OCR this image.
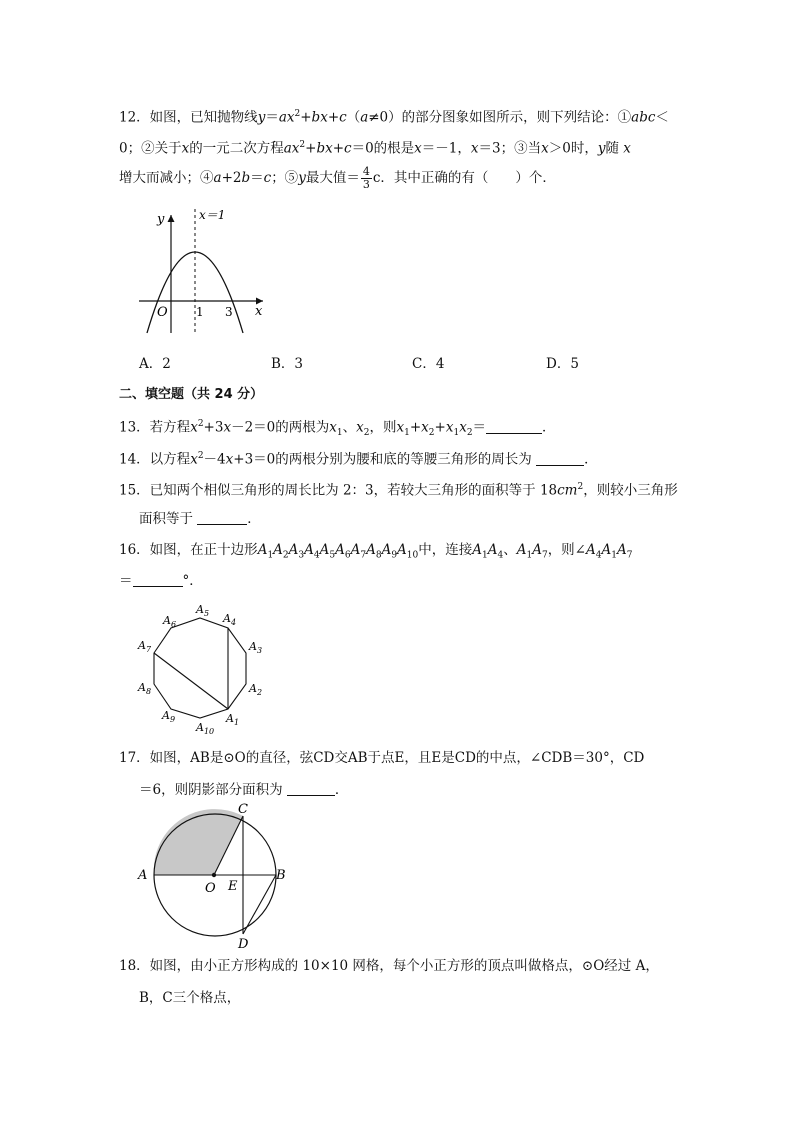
12．如图，已知抛物线$y=ax^2+bx+c(a\ne 0)$的部分图象如图所示，则下列结论：①abc＜
0；②关于x的一元二次方程$ax^2+bx+c=0$的根是x＝－1，x＝3；③当x＞0时，y随 x
增大而减小；④a+2b＝c；⑤y最大值＝ $\frac{4}{3}$ c．其中正确的有（　　）个．
y	x＝1
O 1 3 x
A．2	B．3	C．4	D．5
二、填空题（共 24 分）
13．若方程$x^2+3x-2=0$的两根为$x_1$、$x_2$，则$x_1+x_2+x_1x_2=$	．
14．以方程$x^2-4x+3=0$的两根分别为腰和底的等腰三角形的周长为	．
15．已知两个相似三角形的周长比为 2：3，若较大三角形的面积等于 $18cm^2$，则较小三角形
面积等于	．
16．如图，在正十边形$A_1A_2A_3A_4A_5A_6A_7A_8A_9A_{10}$中，连接$A_1A_4$、$A_1A_7$，则$\angle A_4A_1A_7$
＝	°．
$A_1$
$A_2$
$A_3$
$A_4$
$A_5$
$A_6$
$A_7$
$A_8$
$A_9$
$A_{10}$
17．如图，AB是⊙O的直径，弦CD交AB于点E，且E是CD的中点，∠CDB＝30°，CD
＝6，则阴影部分面积为	．
A	B
C
D
O E
18．如图，由小正方形构成的 10×10 网格，每个小正方形的顶点叫做格点，⊙O经过 A，
B，C三个格点，
